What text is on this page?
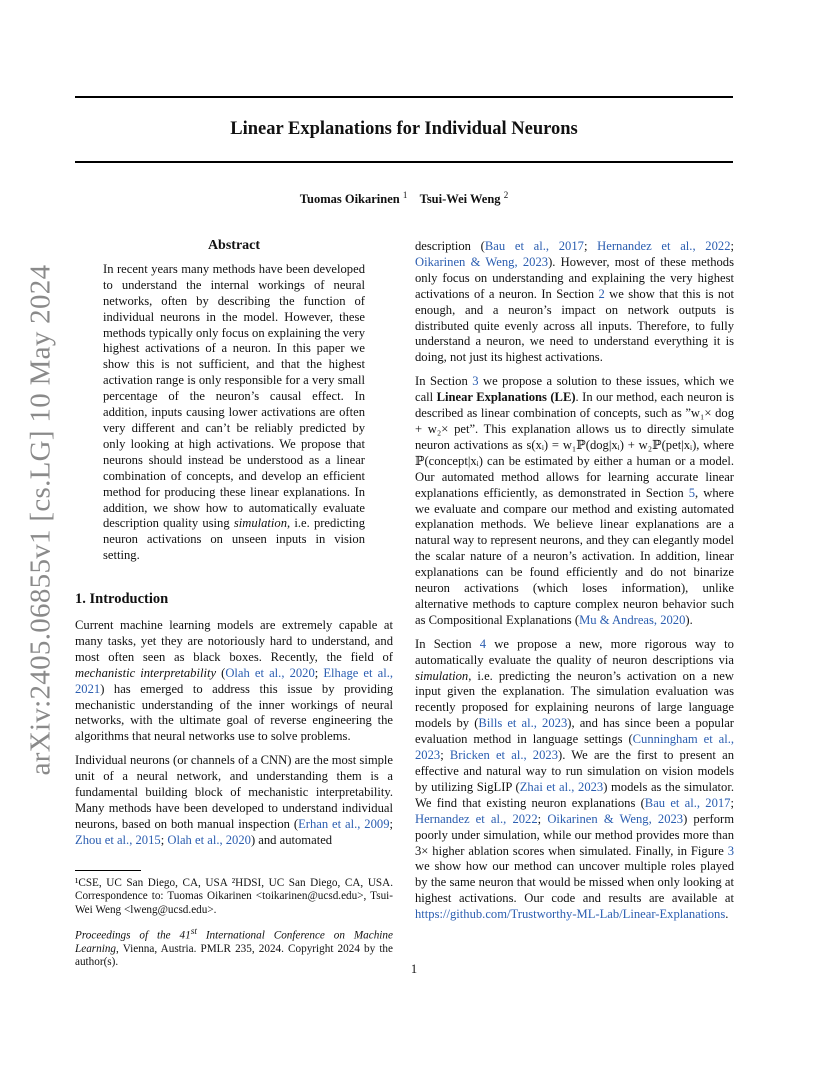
Linear Explanations for Individual Neurons
Tuomas Oikarinen $^1$ Tsui-Wei Weng $^2$
arXiv:2405.06855v1 [cs.LG] 10 May 2024
Abstract

In recent years many methods have been developed to understand the internal workings of neural networks, often by describing the function of individual neurons in the model. However, these methods typically only focus on explaining the very highest activations of a neuron. In this paper we show this is not sufficient, and that the highest activation range is only responsible for a very small percentage of the neuron’s causal effect. In addition, inputs causing lower activations are often very different and can’t be reliably predicted by only looking at high activations. We propose that neurons should instead be understood as a linear combination of concepts, and develop an efficient method for producing these linear explanations. In addition, we show how to automatically evaluate description quality using simulation, i.e. predicting neuron activations on unseen inputs in vision setting.

1. Introduction

Current machine learning models are extremely capable at many tasks, yet they are notoriously hard to understand, and most often seen as black boxes. Recently, the field of mechanistic interpretability (Olah et al., 2020; Elhage et al., 2021) has emerged to address this issue by providing mechanistic understanding of the inner workings of neural networks, with the ultimate goal of reverse engineering the algorithms that neural networks use to solve problems.

Individual neurons (or channels of a CNN) are the most simple unit of a neural network, and understanding them is a fundamental building block of mechanistic interpretability. Many methods have been developed to understand individual neurons, based on both manual inspection (Erhan et al., 2009; Zhou et al., 2015; Olah et al., 2020) and automated

¹CSE, UC San Diego, CA, USA ²HDSI, UC San Diego, CA, USA. Correspondence to: Tuomas Oikarinen <toikarinen@ucsd.edu>, Tsui-Wei Weng <lweng@ucsd.edu>.

Proceedings of the 41st International Conference on Machine Learning, Vienna, Austria. PMLR 235, 2024. Copyright 2024 by the author(s).

description (Bau et al., 2017; Hernandez et al., 2022; Oikarinen & Weng, 2023). However, most of these methods only focus on understanding and explaining the very highest activations of a neuron. In Section 2 we show that this is not enough, and a neuron’s impact on network outputs is distributed quite evenly across all inputs. Therefore, to fully understand a neuron, we need to understand everything it is doing, not just its highest activations.

In Section 3 we propose a solution to these issues, which we call Linear Explanations (LE). In our method, each neuron is described as linear combination of concepts, such as ”w₁× dog + w₂× pet”. This explanation allows us to directly simulate neuron activations as s(xᵢ) = w₁ℙ(dog|xᵢ) + w₂ℙ(pet|xᵢ), where ℙ(concept|xᵢ) can be estimated by either a human or a model. Our automated method allows for learning accurate linear explanations efficiently, as demonstrated in Section 5, where we evaluate and compare our method and existing automated explanation methods. We believe linear explanations are a natural way to represent neurons, and they can elegantly model the scalar nature of a neuron’s activation. In addition, linear explanations can be found efficiently and do not binarize neuron activations (which loses information), unlike alternative methods to capture complex neuron behavior such as Compositional Explanations (Mu & Andreas, 2020).

In Section 4 we propose a new, more rigorous way to automatically evaluate the quality of neuron descriptions via simulation, i.e. predicting the neuron’s activation on a new input given the explanation. The simulation evaluation was recently proposed for explaining neurons of large language models by (Bills et al., 2023), and has since been a popular evaluation method in language settings (Cunningham et al., 2023; Bricken et al., 2023). We are the first to present an effective and natural way to run simulation on vision models by utilizing SigLIP (Zhai et al., 2023) models as the simulator. We find that existing neuron explanations (Bau et al., 2017; Hernandez et al., 2022; Oikarinen & Weng, 2023) perform poorly under simulation, while our method provides more than 3× higher ablation scores when simulated. Finally, in Figure 3 we show how our method can uncover multiple roles played by the same neuron that would be missed when only looking at highest activations. Our code and results are available at https://github.com/Trustworthy-ML-Lab/Linear-Explanations.

1
